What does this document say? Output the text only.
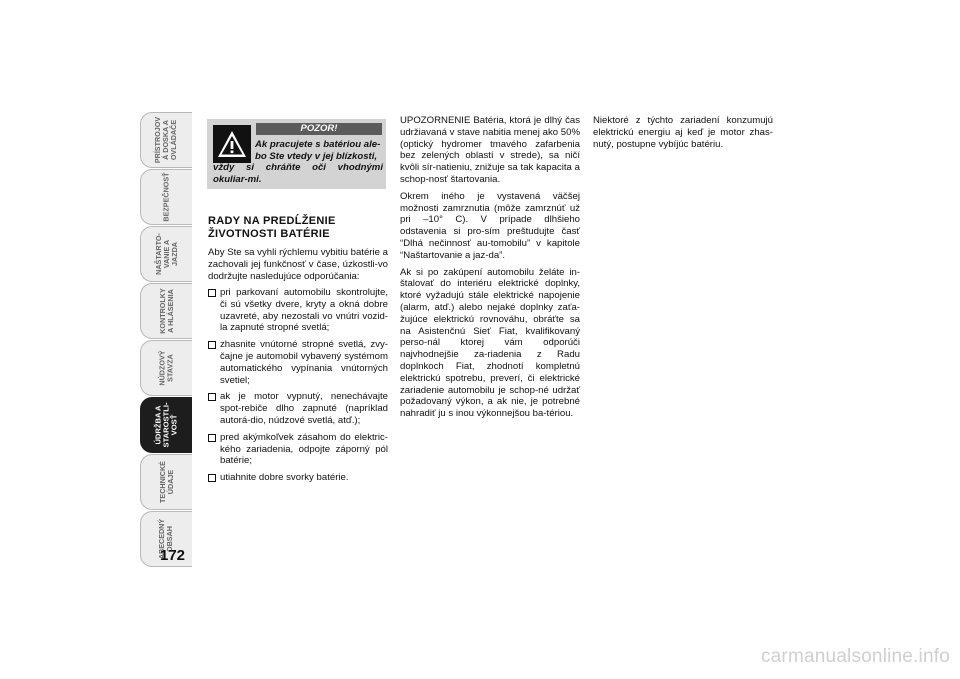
PRÍSTROJOV
Á DOSKA A
OVLÁDAČE
BEZPEČNOSŤ
NAŠTARTO-
VANIE A
JAZDA
KONTROLKY
A HLÁSENIA
NÚDZOVÝ
STAVZA
ÚDRŽBA A
STAROSTLI-
VOSŤ
TECHNICKÉ
ÚDAJE
ABECEDNÝ
OBSAH
172
POZOR!
Ak pracujete s batériou ale-
bo Ste vtedy v jej blízkosti,
vždy si chráňte oči vhodnými okuliar-mi.
RADY NA PREDĹŽENIE ŽIVOTNOSTI BATÉRIE
Aby Ste sa vyhli rýchlemu vybitiu batérie a zachovali jej funkčnosť v čase, úzkostli-vo dodržujte nasledujúce odporúčania:
pri parkovaní automobilu skontrolujte, či sú všetky dvere, kryty a okná dobre uzavreté, aby nezostali vo vnútri vozid-la zapnuté stropné svetlá;
zhasnite vnútorné stropné svetlá, zvy-čajne je automobil vybavený systémom automatického vypínania vnútorných svetiel;
ak je motor vypnutý, nenechávajte spot-rebiče dlho zapnuté (napríklad autorá-dio, núdzové svetlá, atď.);
pred akýmkoľvek zásahom do elektric-kého zariadenia, odpojte záporný pól batérie;
utiahnite dobre svorky batérie.

UPOZORNENIE Batéria, ktorá je dlhý čas udržiavaná v stave nabitia menej ako 50% (optický hydromer tmavého zafarbenia bez zelených oblastí v strede), sa ničí kvôli sír-natieniu, znižuje sa tak kapacita a schop-nosť štartovania.

Okrem iného je vystavená väčšej možnosti zamrznutia (môže zamrznúť už pri –10° C). V prípade dlhšieho odstavenia si pro-sím preštudujte časť “Dlhá nečinnosť au-tomobilu” v kapitole “Naštartovanie a jaz-da”.

Ak si po zakúpení automobilu želáte in-štalovať do interiéru elektrické doplnky, ktoré vyžadujú stále elektrické napojenie (alarm, atď.) alebo nejaké doplnky zaťa-žujúce elektrickú rovnováhu, obráťte sa na Asistenčnú Sieť Fiat, kvalifikovaný perso-nál ktorej vám odporúči najvhodnejšie za-riadenia z Radu doplnkoch Fiat, zhodnotí kompletnú elektrickú spotrebu, preverí, či elektrické zariadenie automobilu je schop-né udržať požadovaný výkon, a ak nie, je potrebné nahradiť ju s inou výkonnejšou ba-tériou.

Niektoré z týchto zariadení konzumujú elektrickú energiu aj keď je motor zhas-nutý, postupne vybíjúc batériu.

carmanualsonline.info
